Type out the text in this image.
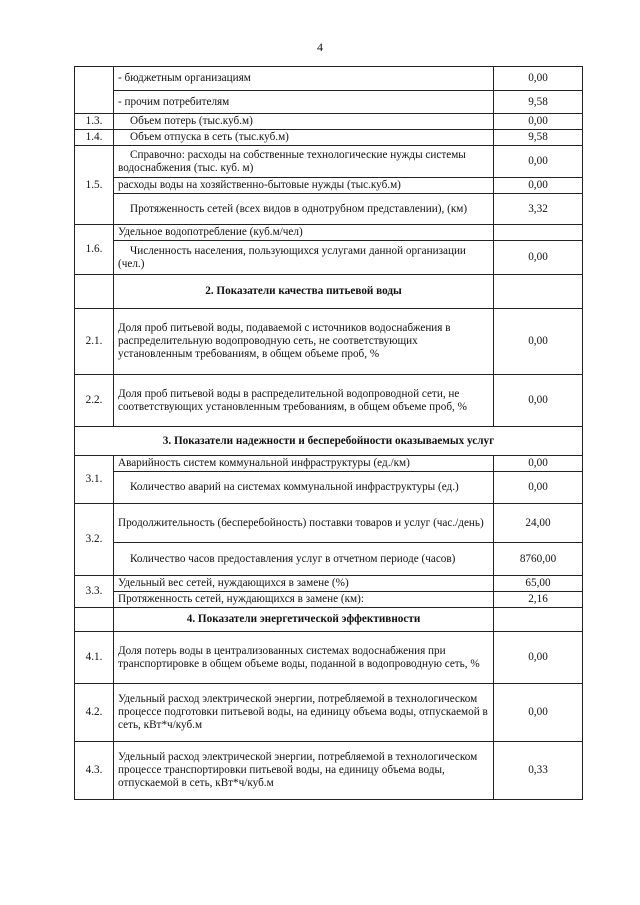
4
	- бюджетным организациям	0,00
	- прочим потребителям	9,58
1.3.	Объем потерь (тыс.куб.м)	0,00
1.4.	Объем отпуска в сеть (тыс.куб.м)	9,58
1.5.	Справочно: расходы на собственные технологические нужды системы водоснабжения (тыс. куб. м)	0,00
	расходы воды на хозяйственно-бытовые нужды (тыс.куб.м)	0,00
	Протяженность сетей (всех видов в однотрубном представлении), (км)	3,32
1.6.	Удельное водопотребление (куб.м/чел)	
	Численность населения, пользующихся услугами данной организации (чел.)	0,00
	2. Показатели качества питьевой воды	
2.1.	Доля проб питьевой воды, подаваемой с источников водоснабжения в распределительную водопроводную сеть, не соответствующих установленным требованиям, в общем объеме проб, %	0,00
2.2.	Доля проб питьевой воды в распределительной водопроводной сети, не соответствующих установленным требованиям, в общем объеме проб, %	0,00
3. Показатели надежности и бесперебойности оказываемых услуг		
3.1.	Аварийность систем коммунальной инфраструктуры (ед./км)	0,00
	Количество аварий на системах коммунальной инфраструктуры (ед.)	0,00
3.2.	Продолжительность (бесперебойность) поставки товаров и услуг (час./день)	24,00
	Количество часов предоставления услуг в отчетном периоде (часов)	8760,00
3.3.	Удельный вес сетей, нуждающихся в замене (%)	65,00
	Протяженность сетей, нуждающихся в замене (км):	2,16
	4. Показатели энергетической эффективности	
4.1.	Доля потерь воды в централизованных системах водоснабжения при транспортировке в общем объеме воды, поданной в водопроводную сеть, %	0,00
4.2.	Удельный расход электрической энергии, потребляемой в технологическом процессе подготовки питьевой воды, на единицу объема воды, отпускаемой в сеть, кВт*ч/куб.м	0,00
4.3.	Удельный расход электрической энергии, потребляемой в технологическом процессе транспортировки питьевой воды, на единицу объема воды, отпускаемой в сеть, кВт*ч/куб.м	0,33
